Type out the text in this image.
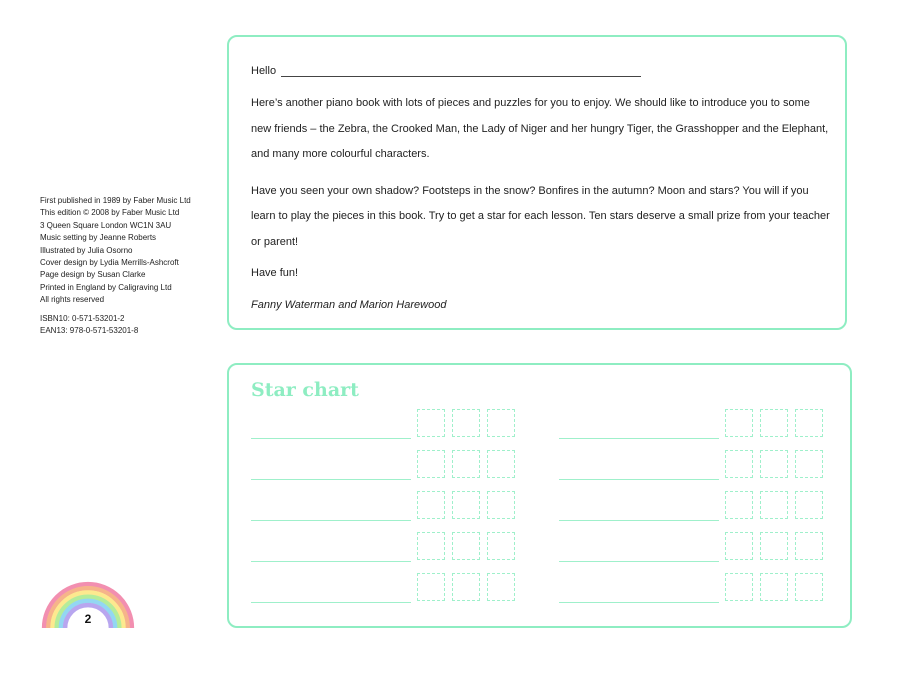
First published in 1989 by Faber Music Ltd
This edition © 2008 by Faber Music Ltd
3 Queen Square London WC1N 3AU
Music setting by Jeanne Roberts
Illustrated by Julia Osorno
Cover design by Lydia Merrills-Ashcroft
Page design by Susan Clarke
Printed in England by Caligraving Ltd
All rights reserved
ISBN10: 0-571-53201-2
EAN13: 978-0-571-53201-8
Hello

Here’s another piano book with lots of pieces and puzzles for you to enjoy. We should like to introduce you to some new friends – the Zebra, the Crooked Man, the Lady of Niger and her hungry Tiger, the Grasshopper and the Elephant, and many more colourful characters.

Have you seen your own shadow? Footsteps in the snow? Bonfires in the autumn? Moon and stars? You will if you learn to play the pieces in this book. Try to get a star for each lesson. Ten stars deserve a small prize from your teacher or parent!

Have fun!

Fanny Waterman and Marion Harewood

Star chart
2
